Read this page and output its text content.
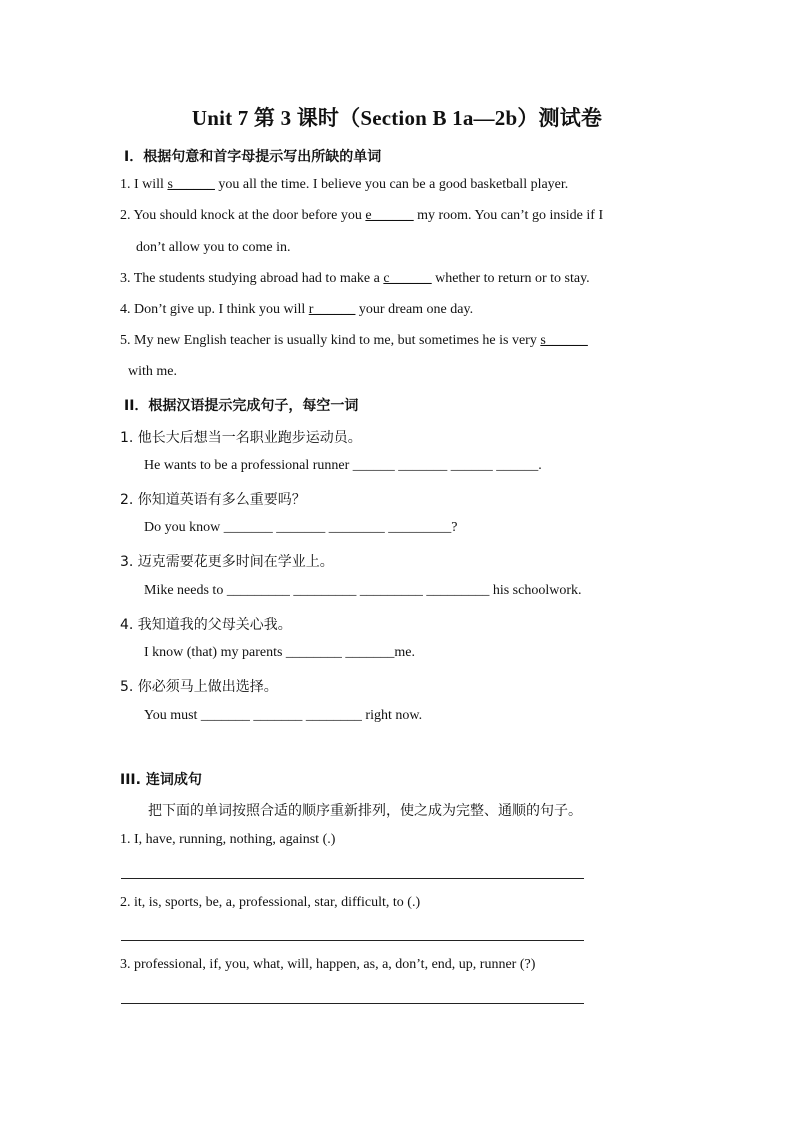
Unit 7 第 3 课时（Section B 1a—2b）测试卷
I．根据句意和首字母提示写出所缺的单词
1. I will s______ you all the time. I believe you can be a good basketball player.
2. You should knock at the door before you e______ my room. You can’t go inside if I
don’t allow you to come in.
3. The students studying abroad had to make a c______ whether to return or to stay.
4. Don’t give up. I think you will r______ your dream one day.
5. My new English teacher is usually kind to me, but sometimes he is very s______
with me.
II．根据汉语提示完成句子，每空一词
1. 他长大后想当一名职业跑步运动员。
He wants to be a professional runner ______ _______ ______ ______.
2. 你知道英语有多么重要吗？
Do you know _______ _______ ________ _________?
3. 迈克需要花更多时间在学业上。
Mike needs to _________ _________ _________ _________ his schoolwork.
4. 我知道我的父母关心我。
I know (that) my parents ________ _______me.
5. 你必须马上做出选择。
You must _______ _______ ________ right now.
III. 连词成句
把下面的单词按照合适的顺序重新排列，使之成为完整、通顺的句子。
1. I, have, running, nothing, against (.)
2. it, is, sports, be, a, professional, star, difficult, to (.)
3. professional, if, you, what, will, happen, as, a, don’t, end, up, runner (?)
